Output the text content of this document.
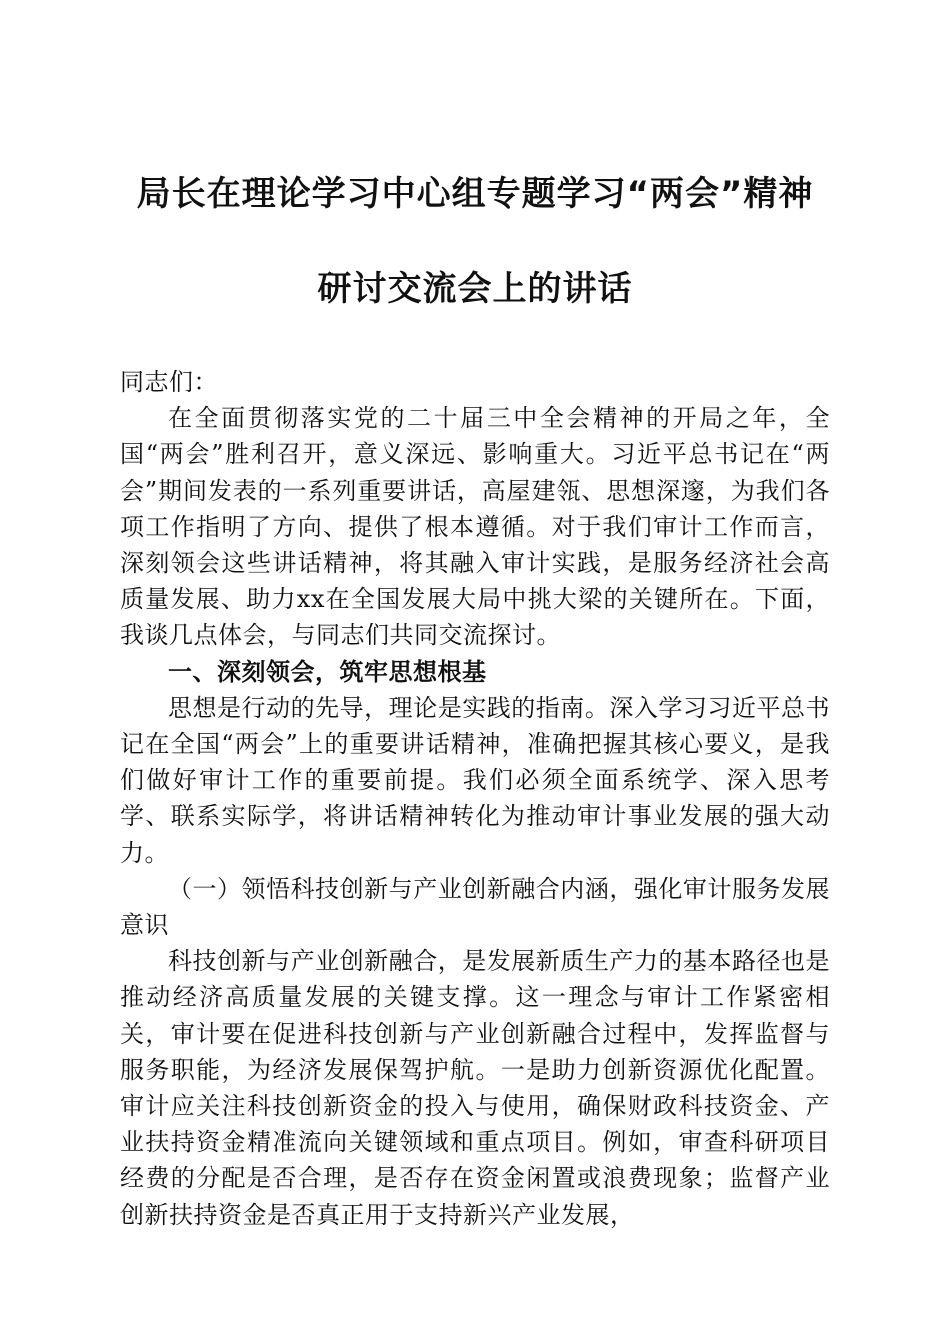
局长在理论学习中心组专题学习“两会”精神
研讨交流会上的讲话

同志们：

在全面贯彻落实党的二十届三中全会精神的开局之年，全国“两会”胜利召开，意义深远、影响重大。习近平总书记在“两会”期间发表的一系列重要讲话，高屋建瓴、思想深邃，为我们各项工作指明了方向、提供了根本遵循。对于我们审计工作而言，深刻领会这些讲话精神，将其融入审计实践，是服务经济社会高质量发展、助力xx在全国发展大局中挑大梁的关键所在。下面，我谈几点体会，与同志们共同交流探讨。

一、深刻领会，筑牢思想根基

思想是行动的先导，理论是实践的指南。深入学习习近平总书记在全国“两会”上的重要讲话精神，准确把握其核心要义，是我们做好审计工作的重要前提。我们必须全面系统学、深入思考学、联系实际学，将讲话精神转化为推动审计事业发展的强大动力。

（一）领悟科技创新与产业创新融合内涵，强化审计服务发展意识

科技创新与产业创新融合，是发展新质生产力的基本路径也是推动经济高质量发展的关键支撑。这一理念与审计工作紧密相关，审计要在促进科技创新与产业创新融合过程中，发挥监督与服务职能，为经济发展保驾护航。一是助力创新资源优化配置。审计应关注科技创新资金的投入与使用，确保财政科技资金、产业扶持资金精准流向关键领域和重点项目。例如，审查科研项目经费的分配是否合理，是否存在资金闲置或浪费现象；监督产业创新扶持资金是否真正用于支持新兴产业发展，
